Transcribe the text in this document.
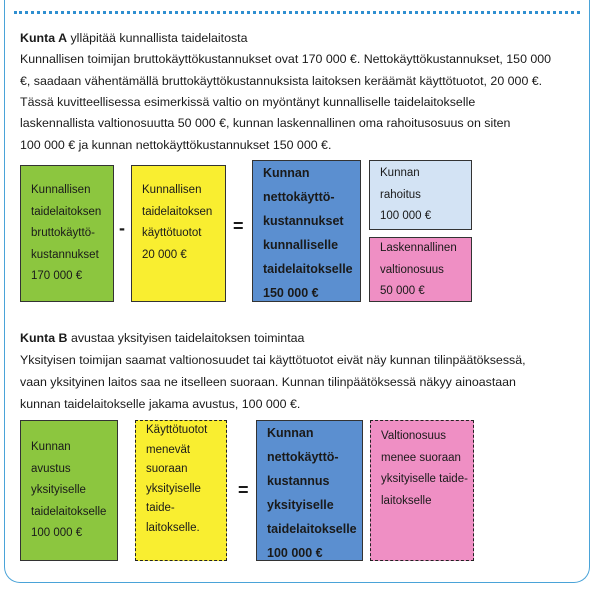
Kunta A ylläpitää kunnallista taidelaitosta
Kunnallisen toimijan bruttokäyttökustannukset ovat 170 000 €. Nettokäyttökustannukset, 150 000
€, saadaan vähentämällä bruttokäyttökustannuksista laitoksen keräämät käyttötuotot, 20 000 €.
Tässä kuvitteellisessa esimerkissä valtio on myöntänyt kunnalliselle taidelaitokselle
laskennallista valtionosuutta 50 000 €, kunnan laskennallinen oma rahoitusosuus on siten
100 000 € ja kunnan nettokäyttökustannukset 150 000 €.
Kunnallisen
taidelaitoksen
bruttokäyttö-
kustannukset
170 000 €
-
Kunnallisen
taidelaitoksen
käyttötuotot
20 000 €
=
Kunnan
nettokäyttö-
kustannukset
kunnalliselle
taidelaitokselle
150 000 €
Kunnan
rahoitus
100 000 €
Laskennallinen
valtionosuus
50 000 €
Kunta B avustaa yksityisen taidelaitoksen toimintaa
Yksityisen toimijan saamat valtionosuudet tai käyttötuotot eivät näy kunnan tilinpäätöksessä,
vaan yksityinen laitos saa ne itselleen suoraan. Kunnan tilinpäätöksessä näkyy ainoastaan
kunnan taidelaitokselle jakama avustus, 100 000 €.
Kunnan
avustus
yksityiselle
taidelaitokselle
100 000 €
Käyttötuotot
menevät
suoraan
yksityiselle
taide-
laitokselle.
=
Kunnan
nettokäyttö-
kustannus
yksityiselle
taidelaitokselle
100 000 €
Valtionosuus
menee suoraan
yksityiselle taide-
laitokselle
